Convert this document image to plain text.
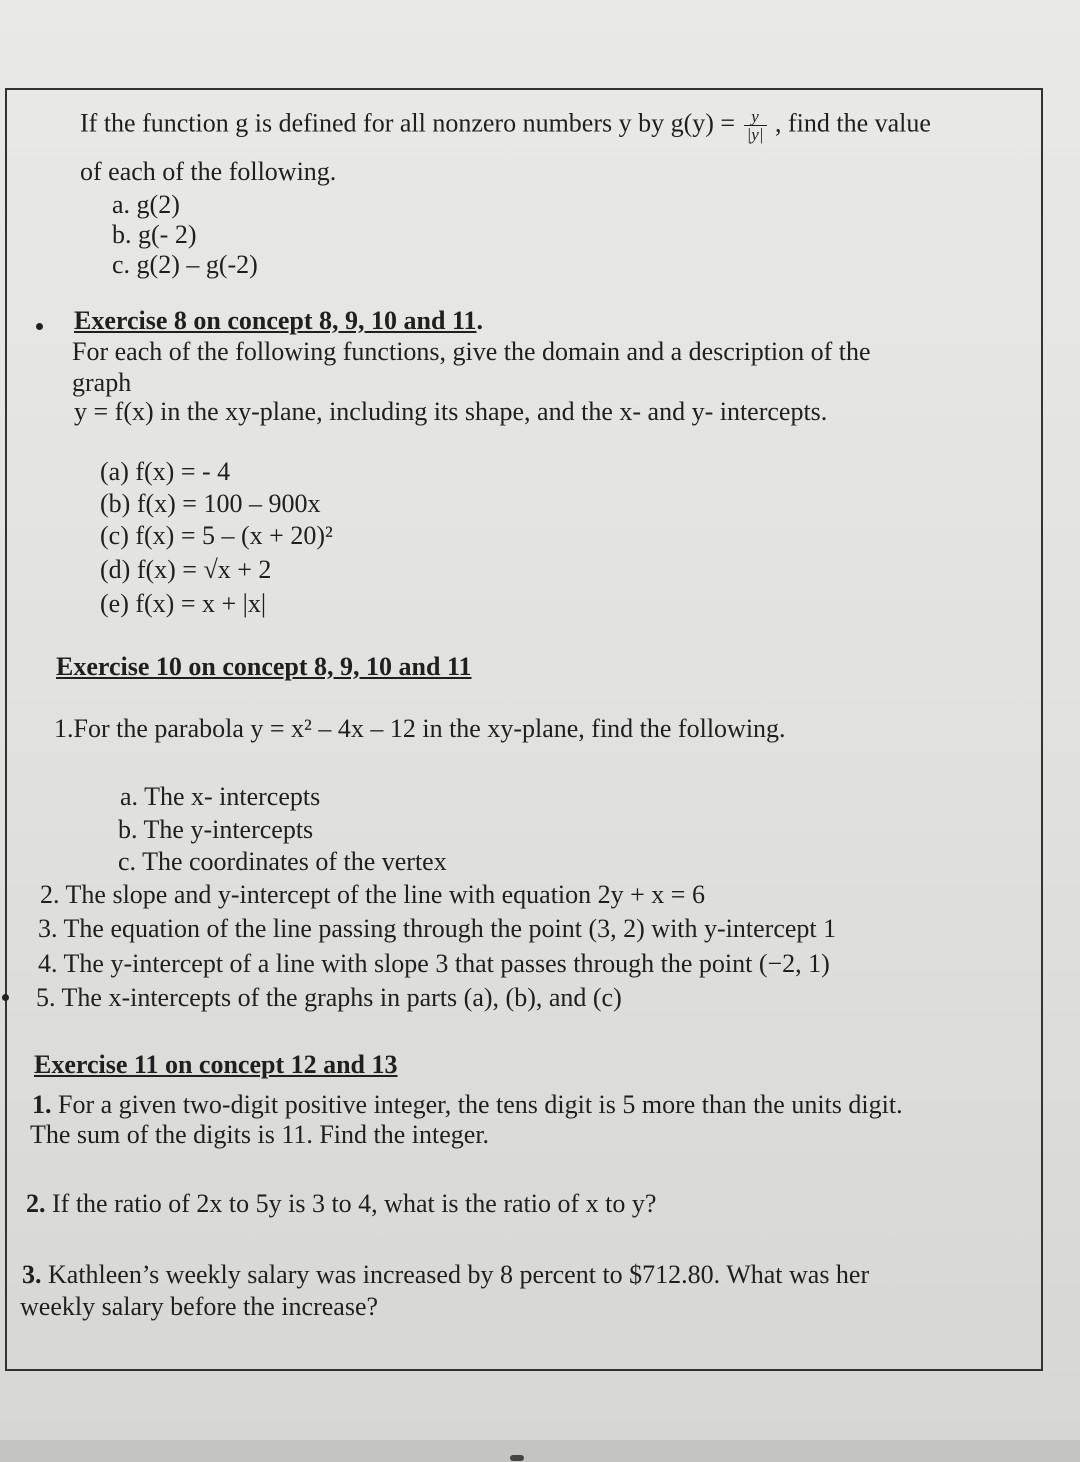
If the function g is defined for all nonzero numbers y by $g(y) = \frac{y}{|y|}$ , find the value
of each of the following.
a. g(2)
b. g(- 2)
c. g(2) – g(-2)
Exercise 8 on concept 8, 9, 10 and 11.
For each of the following functions, give the domain and a description of the
graph
y = f(x) in the xy-plane, including its shape, and the x- and y- intercepts.
(a) f(x) = - 4
(b) f(x) = 100 – 900x
(c) f(x) = 5 – (x + 20)²
(d) f(x) = √x + 2
(e) f(x) = x + |x|
Exercise 10 on concept 8, 9, 10 and 11
1.For the parabola y = x² – 4x – 12 in the xy-plane, find the following.
a. The x- intercepts
b. The y-intercepts
c. The coordinates of the vertex
2. The slope and y-intercept of the line with equation 2y + x = 6
3. The equation of the line passing through the point (3, 2) with y-intercept 1
4. The y-intercept of a line with slope 3 that passes through the point (−2, 1)
5. The x-intercepts of the graphs in parts (a), (b), and (c)
Exercise 11 on concept 12 and 13
1. For a given two-digit positive integer, the tens digit is 5 more than the units digit.
The sum of the digits is 11. Find the integer.
2. If the ratio of 2x to 5y is 3 to 4, what is the ratio of x to y?
3. Kathleen’s weekly salary was increased by 8 percent to $712.80. What was her
weekly salary before the increase?
